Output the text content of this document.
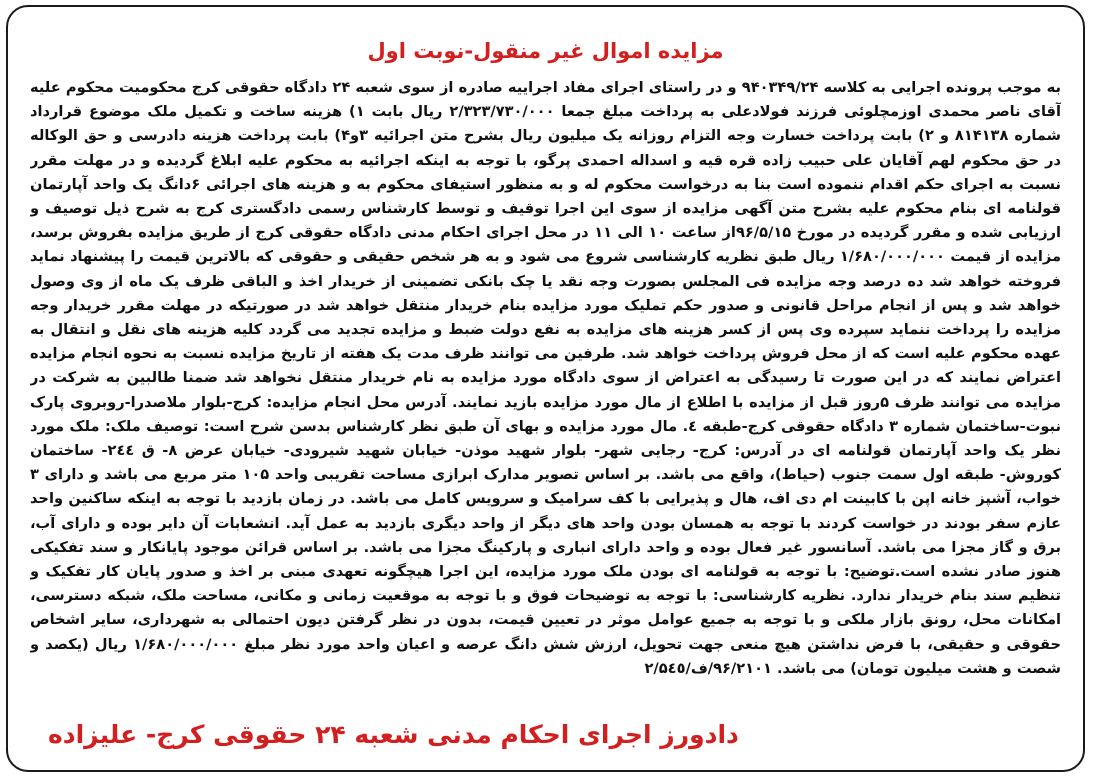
مزایده اموال غیر منقول-نوبت اول
به موجب پرونده اجرایی به کلاسه ۹۴۰۳۴۹/۲۴ و در راستای اجرای مفاد اجراییه صادره از سوی شعبه ۲۴ دادگاه حقوقی کرج محکومیت محکوم علیه آقای ناصر محمدی اوزمچلوئی فرزند فولادعلی به پرداخت مبلغ جمعا ۲/۳۲۳/۷۳۰/۰۰۰ ریال بابت ۱) هزینه ساخت و تکمیل ملک موضوع قرارداد شماره ۸۱۴۱۳۸ و ۲) بابت پرداخت خسارت وجه التزام روزانه یک میلیون ریال بشرح متن اجرائیه ۳و۴) بابت پرداخت هزینه دادرسی و حق الوکاله در حق محکوم لهم آقایان علی حبیب زاده قره قیه و اسداله احمدی پرگو، با توجه به اینکه اجرائیه به محکوم علیه ابلاغ گردیده و در مهلت مقرر نسبت به اجرای حکم اقدام ننموده است بنا به درخواست محکوم له و به منظور استیفای محکوم به و هزینه های اجرائی ۶دانگ یک واحد آپارتمان قولنامه ای بنام محکوم علیه بشرح متن آگهی مزایده از سوی این اجرا توقیف و توسط کارشناس رسمی دادگستری کرج به شرح ذیل توصیف و ارزیابی شده و مقرر گردیده در مورخ ۹۶/۵/۱۵از ساعت ۱۰ الی ۱۱ در محل اجرای احکام مدنی دادگاه حقوقی کرج از طریق مزایده بفروش برسد، مزایده از قیمت ۱/۶۸۰/۰۰۰/۰۰۰ ریال طبق نظریه کارشناسی شروع می شود و به هر شخص حقیقی و حقوقی که بالاترین قیمت را پیشنهاد نماید فروخته خواهد شد ده درصد وجه مزایده فی المجلس بصورت وجه نقد یا چک بانکی تضمینی از خریدار اخذ و الباقی ظرف یک ماه از وی وصول خواهد شد و پس از انجام مراحل قانونی و صدور حکم تملیک مورد مزایده بنام خریدار منتقل خواهد شد در صورتیکه در مهلت مقرر خریدار وجه مزایده را پرداخت ننماید سپرده وی پس از کسر هزینه های مزایده به نفع دولت ضبط و مزایده تجدید می گردد کلیه هزینه های نقل و انتقال به عهده محکوم علیه است که از محل فروش پرداخت خواهد شد. طرفین می توانند ظرف مدت یک هفته از تاریخ مزایده نسبت به نحوه انجام مزایده اعتراض نمایند که در این صورت تا رسیدگی به اعتراض از سوی دادگاه مورد مزایده به نام خریدار منتقل نخواهد شد ضمنا طالبین به شرکت در مزایده می توانند ظرف ۵روز قبل از مزایده با اطلاع از مال مورد مزایده بازید نمایند. آدرس محل انجام مزایده: کرج-بلوار ملاصدرا-روبروی پارک نبوت-ساختمان شماره ۳ دادگاه حقوقی کرج-طبقه ٤. مال مورد مزایده و بهای آن طبق نظر کارشناس بدسن شرح است: توصیف ملک: ملک مورد نظر یک واحد آپارتمان قولنامه ای در آدرس: کرج- رجایی شهر- بلوار شهید موذن- خیابان شهید شیرودی- خیابان عرض ۸- ق ۲٤٤- ساختمان کوروش- طبقه اول سمت جنوب (حیاط)، واقع می باشد. بر اساس تصویر مدارک ابرازی مساحت تقریبی واحد ۱۰۵ متر مربع می باشد و دارای ۳ خواب، آشپز خانه اپن با کابینت ام دی اف، هال و پذیرایی با کف سرامیک و سرویس کامل می باشد. در زمان بازدید با توجه به اینکه ساکنین واحد عازم سفر بودند در خواست کردند با توجه به همسان بودن واحد های دیگر از واحد دیگری بازدید به عمل آید. انشعابات آن دایر بوده و دارای آب، برق و گاز مجزا می باشد. آسانسور غیر فعال بوده و واحد دارای انباری و پارکینگ مجزا می باشد. بر اساس قرائن موجود پایانکار و سند تفکیکی هنوز صادر نشده است.توضیح: با توجه به قولنامه ای بودن ملک مورد مزایده، این اجرا هیچگونه تعهدی مبنی بر اخذ و صدور پایان کار تفکیک و تنظیم سند بنام خریدار ندارد. نظریه کارشناسی: با توجه به توضیحات فوق و با توجه به موقعیت زمانی و مکانی، مساحت ملک، شبکه دسترسی، امکانات محل، رونق بازار ملکی و با توجه به جمیع عوامل موثر در تعیین قیمت، بدون در نظر گرفتن دیون احتمالی به شهرداری، سایر اشخاص حقوقی و حقیقی، با فرض نداشتن هیچ منعی جهت تحویل، ارزش شش دانگ عرصه و اعیان واحد مورد نظر مبلغ ۱/۶۸۰/۰۰۰/۰۰۰ ریال (یکصد و شصت و هشت میلیون تومان) می باشد. ۹۶/۲۱۰۱/ف/۲/۵٤٥
دادورز اجرای احکام مدنی شعبه ۲۴ حقوقی کرج- علیزاده
